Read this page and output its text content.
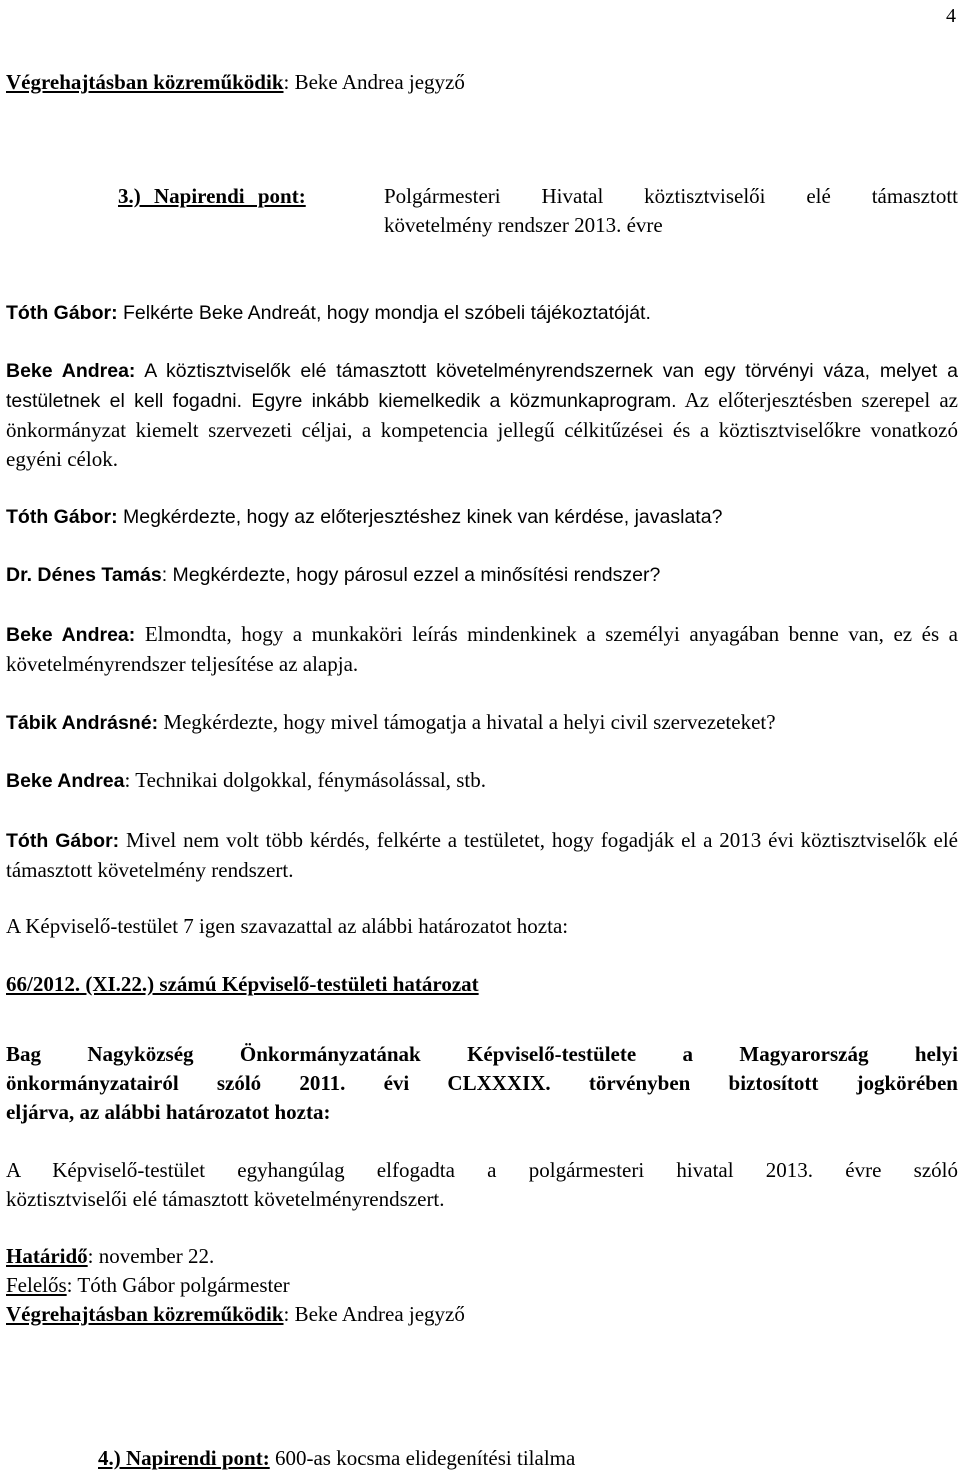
4

Végrehajtásban közreműködik: Beke Andrea jegyző

3.) Napirendi pont:	Polgármesteri Hivatal köztisztviselői elé támasztott
követelmény rendszer 2013. évre

Tóth Gábor: Felkérte Beke Andreát, hogy mondja el szóbeli tájékoztatóját.

Beke Andrea: A köztisztviselők elé támasztott követelményrendszernek van egy törvényi váza, melyet a testületnek el kell fogadni. Egyre inkább kiemelkedik a közmunkaprogram. Az előterjesztésben szerepel az önkormányzat kiemelt szervezeti céljai, a kompetencia jellegű célkitűzései és a köztisztviselőkre vonatkozó egyéni célok.

Tóth Gábor: Megkérdezte, hogy az előterjesztéshez kinek van kérdése, javaslata?

Dr. Dénes Tamás: Megkérdezte, hogy párosul ezzel a minősítési rendszer?

Beke Andrea: Elmondta, hogy a munkaköri leírás mindenkinek a személyi anyagában benne van, ez és a követelményrendszer teljesítése az alapja.

Tábik Andrásné: Megkérdezte, hogy mivel támogatja a hivatal a helyi civil szervezeteket?

Beke Andrea: Technikai dolgokkal, fénymásolással, stb.

Tóth Gábor: Mivel nem volt több kérdés, felkérte a testületet, hogy fogadják el a 2013 évi köztisztviselők elé támasztott követelmény rendszert.

A Képviselő-testület 7 igen szavazattal az alábbi határozatot hozta:

66/2012. (XI.22.) számú Képviselő-testületi határozat

Bag Nagyközség Önkormányzatának Képviselő-testülete a Magyarország helyi
önkormányzatairól szóló 2011. évi CLXXXIX. törvényben biztosított jogkörében
eljárva, az alábbi határozatot hozta:
A Képviselő-testület egyhangúlag elfogadta a polgármesteri hivatal 2013. évre szóló
köztisztviselői elé támasztott követelményrendszert.
Határidő: november 22.
Felelős: Tóth Gábor polgármester
Végrehajtásban közreműködik: Beke Andrea jegyző

4.) Napirendi pont: 600-as kocsma elidegenítési tilalma
